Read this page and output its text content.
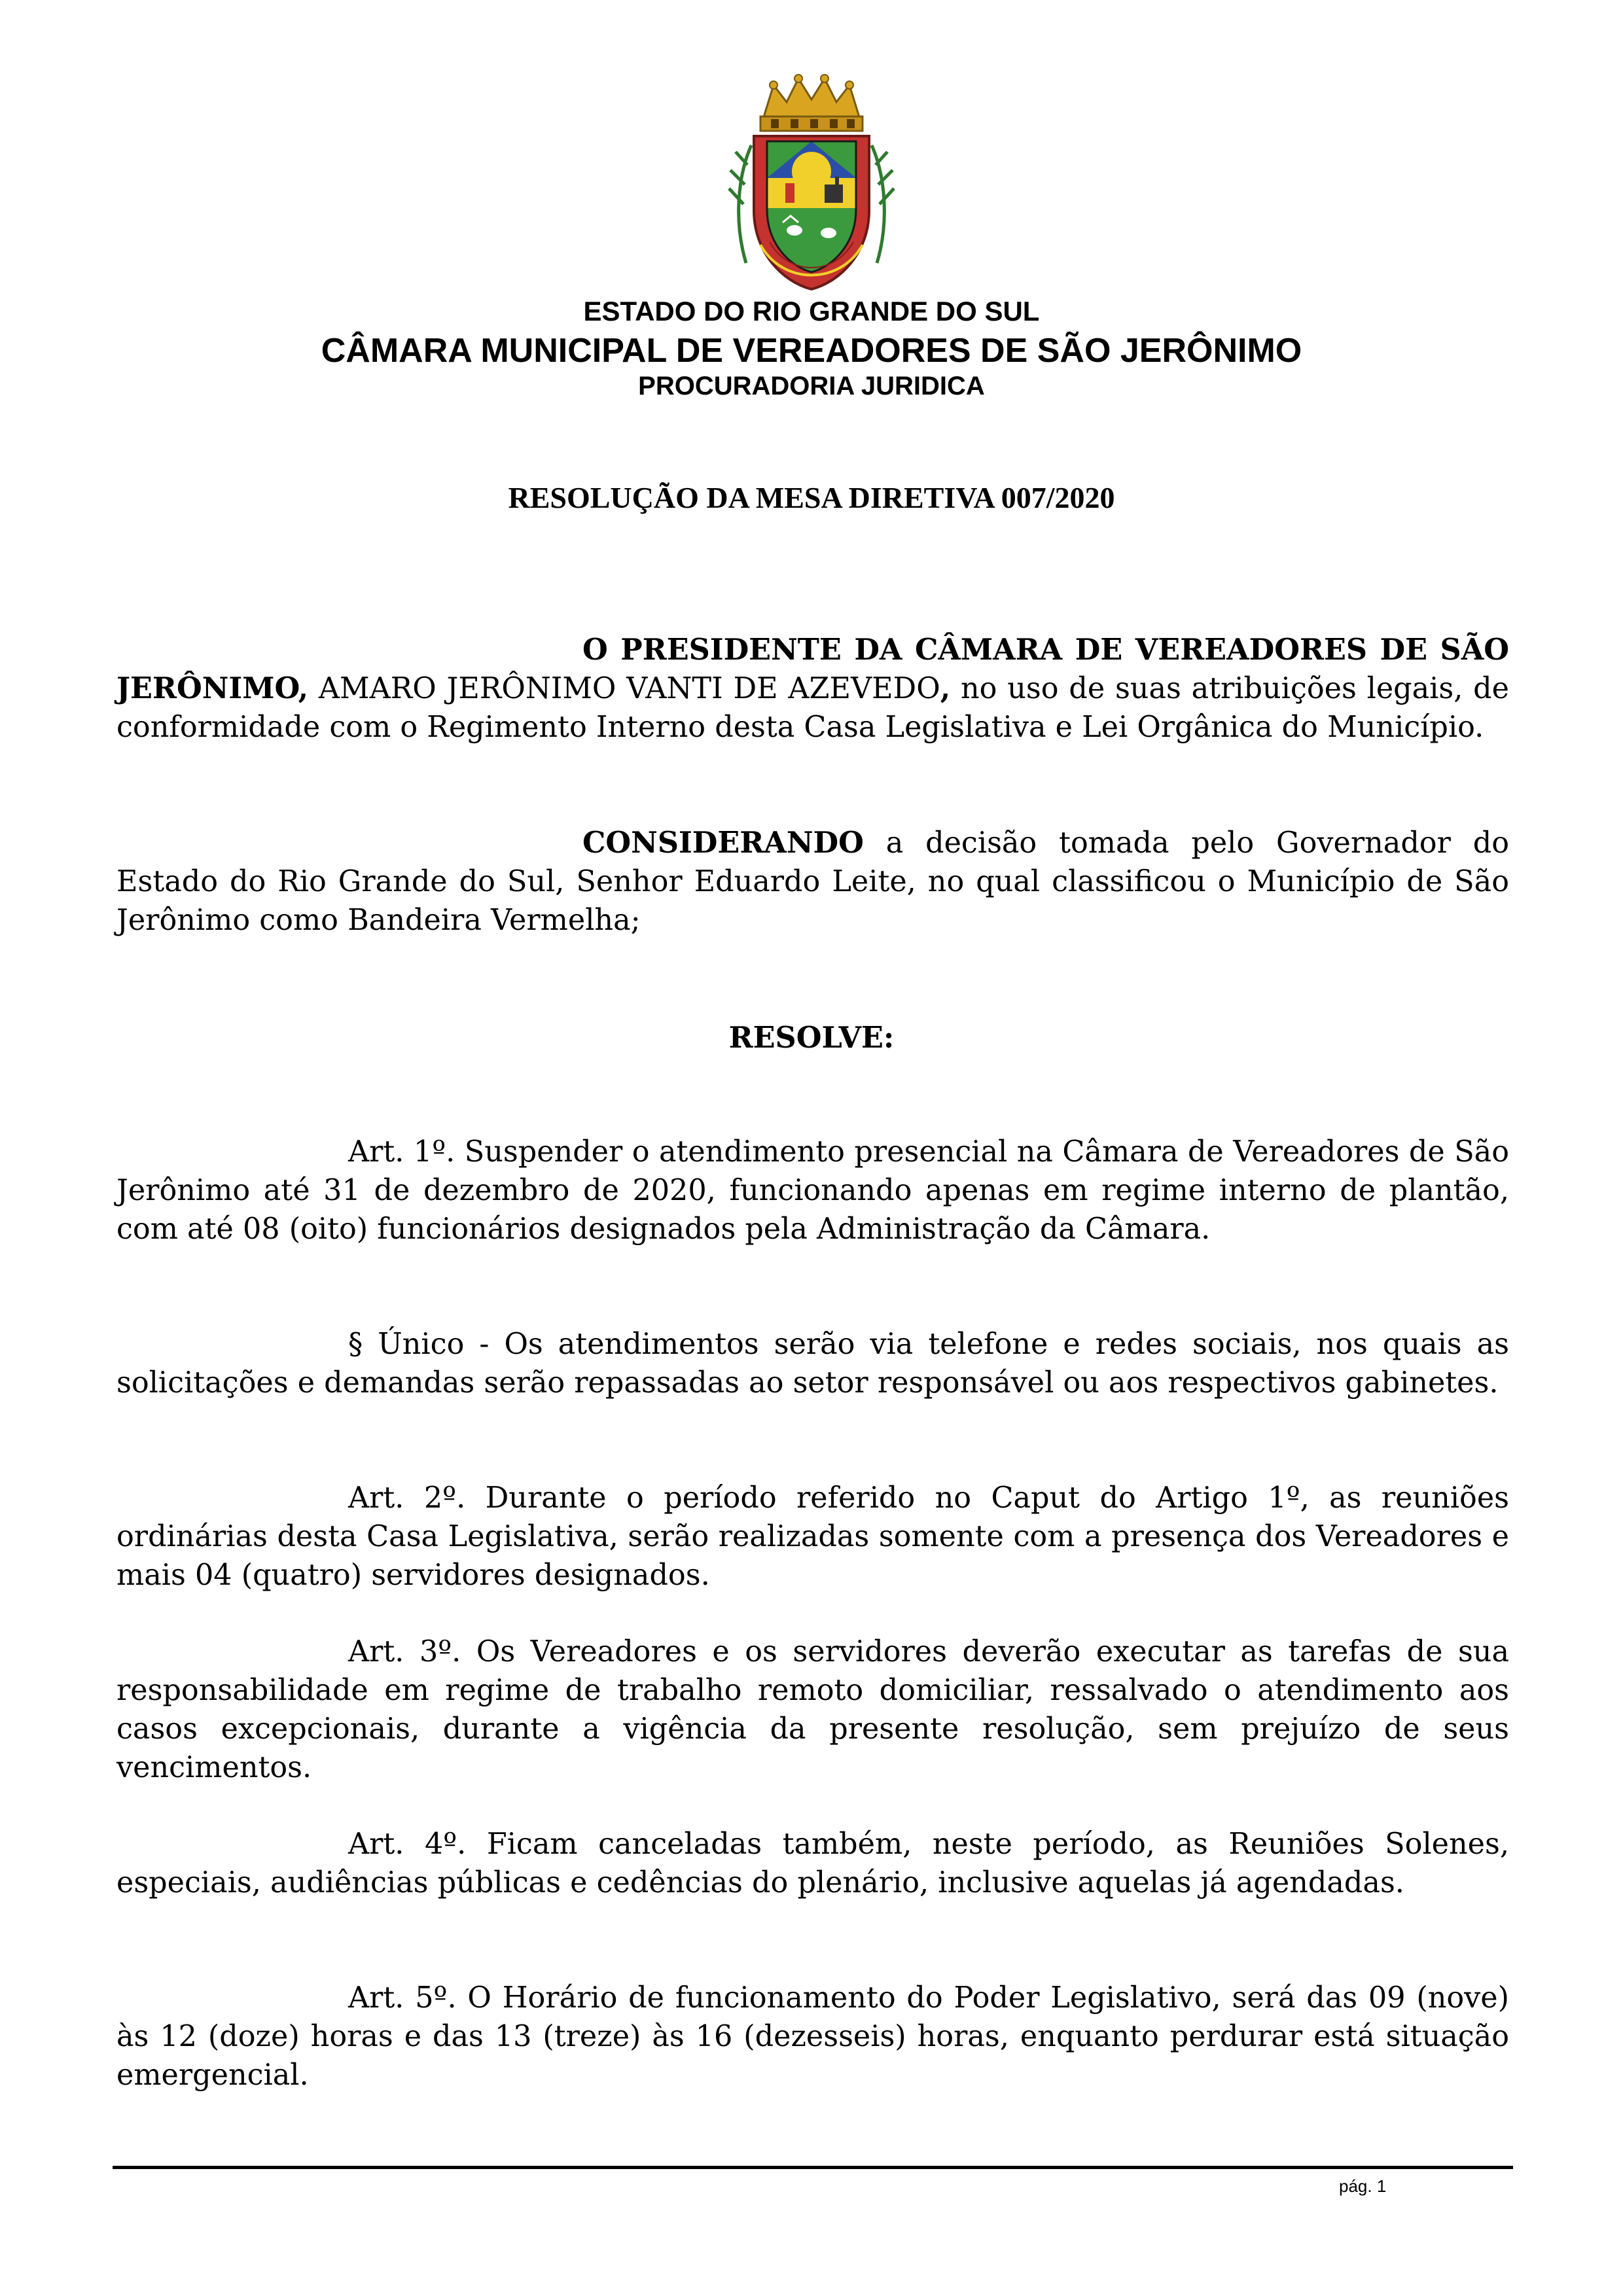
ESTADO DO RIO GRANDE DO SUL

CÂMARA MUNICIPAL DE VEREADORES DE SÃO JERÔNIMO

PROCURADORIA JURIDICA

RESOLUÇÃO DA MESA DIRETIVA 007/2020

O PRESIDENTE DA CÂMARA DE VEREADORES DE SÃO JERÔNIMO, AMARO JERÔNIMO VANTI DE AZEVEDO, no uso de suas atribuições legais, de conformidade com o Regimento Interno desta Casa Legislativa e Lei Orgânica do Município.

CONSIDERANDO a decisão tomada pelo Governador do Estado do Rio Grande do Sul, Senhor Eduardo Leite, no qual classificou o Município de São Jerônimo como Bandeira Vermelha;

RESOLVE:

Art. 1º. Suspender o atendimento presencial na Câmara de Vereadores de São Jerônimo até 31 de dezembro de 2020, funcionando apenas em regime interno de plantão, com até 08 (oito) funcionários designados pela Administração da Câmara.

§ Único - Os atendimentos serão via telefone e redes sociais, nos quais as solicitações e demandas serão repassadas ao setor responsável ou aos respectivos gabinetes.

Art. 2º. Durante o período referido no Caput do Artigo 1º, as reuniões ordinárias desta Casa Legislativa, serão realizadas somente com a presença dos Vereadores e mais 04 (quatro) servidores designados.

Art. 3º. Os Vereadores e os servidores deverão executar as tarefas de sua responsabilidade em regime de trabalho remoto domiciliar, ressalvado o atendimento aos casos excepcionais, durante a vigência da presente resolução, sem prejuízo de seus vencimentos.

Art. 4º. Ficam canceladas também, neste período, as Reuniões Solenes, especiais, audiências públicas e cedências do plenário, inclusive aquelas já agendadas.

Art. 5º. O Horário de funcionamento do Poder Legislativo, será das 09 (nove) às 12 (doze) horas e das 13 (treze) às 16 (dezesseis) horas, enquanto perdurar está situação emergencial.

pág. 1
